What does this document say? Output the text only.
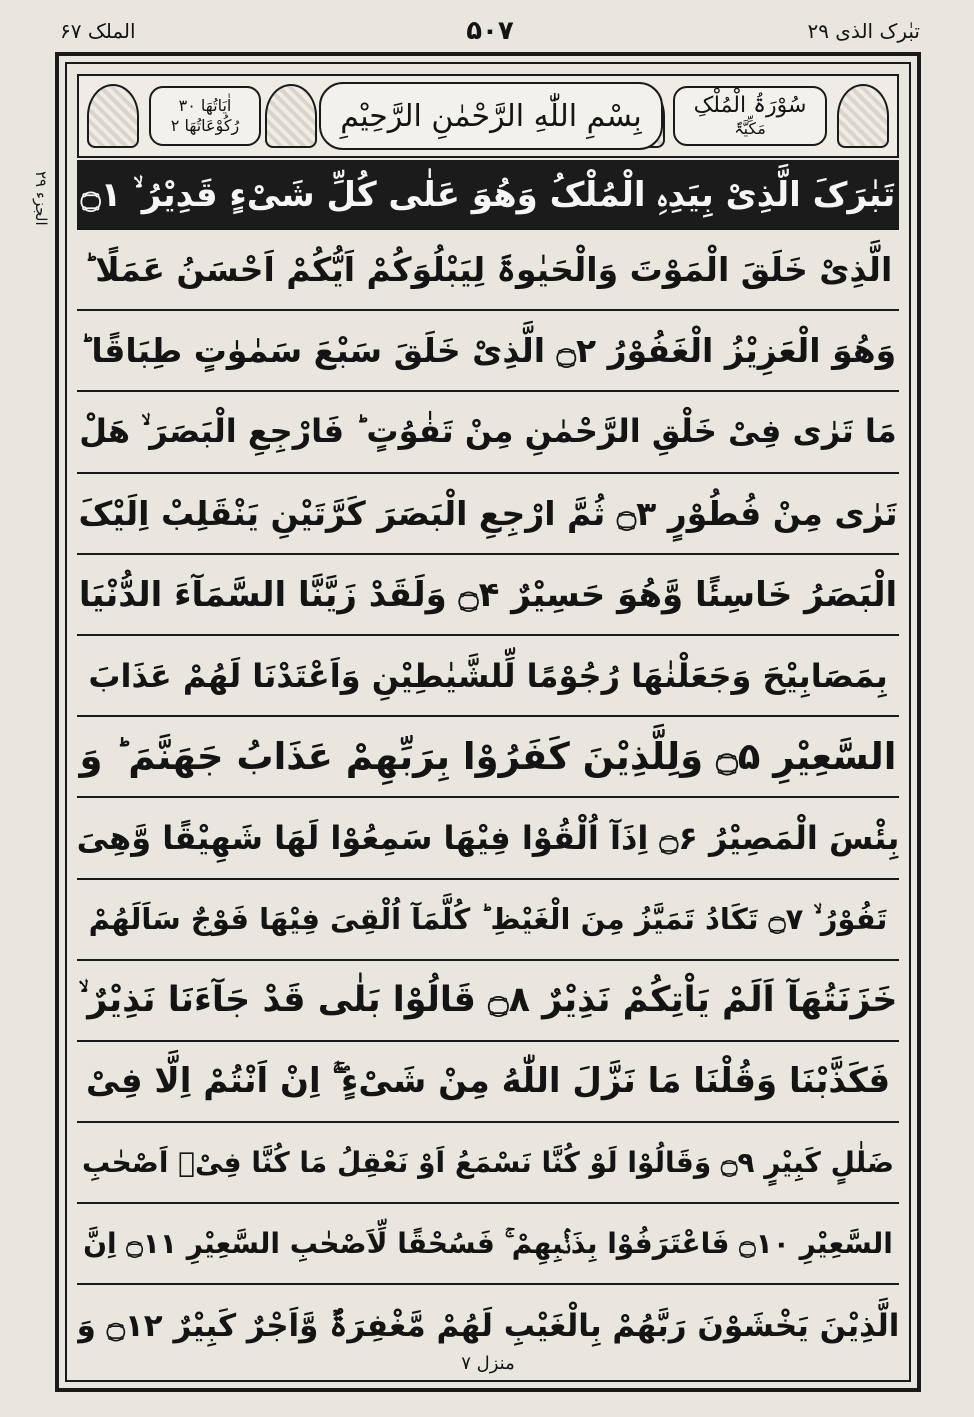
تبٰرک الذی ۲۹
۵۰۷
الملک ۶۷
سُوْرَۃُ الْمُلْکِ
مَکِّیَّۃٌ
بِسْمِ اللّٰهِ الرَّحْمٰنِ الرَّحِيْمِ
اٰیَاتُھَا ۳۰
رُکُوْعَاتُھَا ۲
الجزء ۲۹ تَبٰرَکَ الَّذِیْ بِیَدِہِ الْمُلْکُ وَهُوَ عَلٰی کُلِّ شَیْءٍ قَدِیْرُ ۙ ۝۱
الَّذِیْ خَلَقَ الْمَوْتَ وَالْحَیٰوۃَ لِیَبْلُوَکُمْ اَیُّکُمْ اَحْسَنُ عَمَلًا ؕ
وَهُوَ الْعَزِیْزُ الْغَفُوْرُ ۝۲ الَّذِیْ خَلَقَ سَبْعَ سَمٰوٰتٍ طِبَاقًا ؕ
مَا تَرٰی فِیْ خَلْقِ الرَّحْمٰنِ مِنْ تَفٰوُتٍ ؕ فَارْجِعِ الْبَصَرَ ۙ هَلْ
تَرٰی مِنْ فُطُوْرٍ ۝۳ ثُمَّ ارْجِعِ الْبَصَرَ کَرَّتَیْنِ یَنْقَلِبْ اِلَیْکَ
الْبَصَرُ خَاسِئًا وَّهُوَ حَسِیْرٌ ۝۴ وَلَقَدْ زَیَّنَّا السَّمَآءَ الدُّنْیَا
بِمَصَابِیْحَ وَجَعَلْنٰهَا رُجُوْمًا لِّلشَّیٰطِیْنِ وَاَعْتَدْنَا لَهُمْ عَذَابَ
السَّعِیْرِ ۝۵ وَلِلَّذِیْنَ کَفَرُوْا بِرَبِّهِمْ عَذَابُ جَهَنَّمَ ؕ وَ
بِئْسَ الْمَصِیْرُ ۝۶ اِذَآ اُلْقُوْا فِیْهَا سَمِعُوْا لَهَا شَهِیْقًا وَّهِیَ
تَفُوْرُ ۙ ۝۷ تَکَادُ تَمَیَّزُ مِنَ الْغَیْظِ ؕ کُلَّمَآ اُلْقِیَ فِیْهَا فَوْجٌ سَاَلَهُمْ
خَزَنَتُهَآ اَلَمْ یَاْتِکُمْ نَذِیْرٌ ۝۸ قَالُوْا بَلٰی قَدْ جَآءَنَا نَذِیْرٌ ۙ
فَکَذَّبْنَا وَقُلْنَا مَا نَزَّلَ اللّٰهُ مِنْ شَیْءٍ ۚۖ اِنْ اَنْتُمْ اِلَّا فِیْ
ضَلٰلٍ کَبِیْرٍ ۝۹ وَقَالُوْا لَوْ کُنَّا نَسْمَعُ اَوْ نَعْقِلُ مَا کُنَّا فِیْۤ اَصْحٰبِ
السَّعِیْرِ ۝۱۰ فَاعْتَرَفُوْا بِذَنْۢبِهِمْ ۚ فَسُحْقًا لِّاَصْحٰبِ السَّعِیْرِ ۝۱۱ اِنَّ
الَّذِیْنَ یَخْشَوْنَ رَبَّهُمْ بِالْغَیْبِ لَهُمْ مَّغْفِرَۃٌ وَّاَجْرٌ کَبِیْرٌ ۝۱۲ وَ
منزل ۷
